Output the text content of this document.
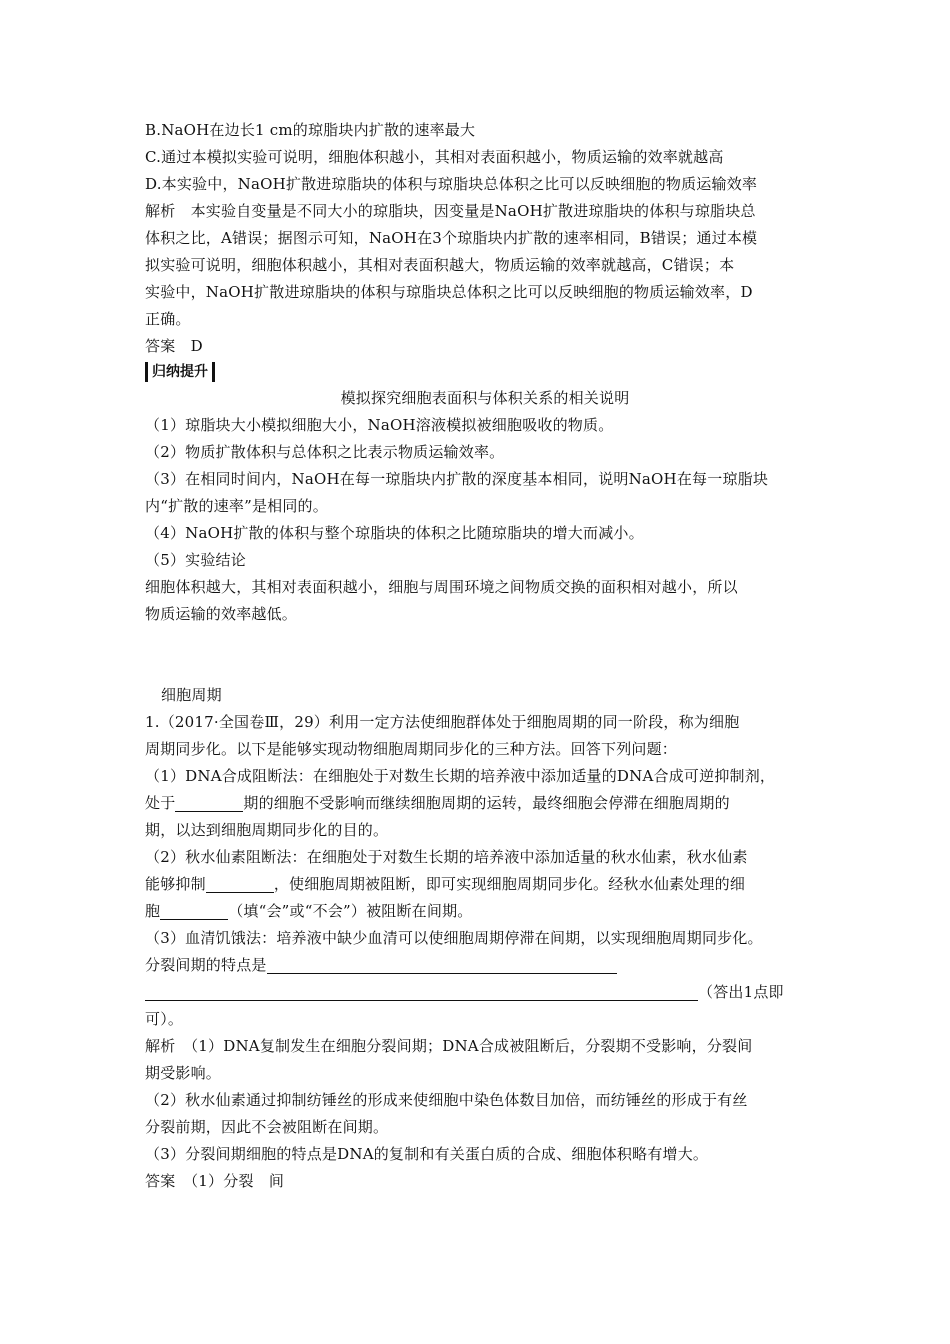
B.NaOH在边长1 cm的琼脂块内扩散的速率最大
C.通过本模拟实验可说明，细胞体积越小，其相对表面积越小，物质运输的效率就越高
D.本实验中，NaOH扩散进琼脂块的体积与琼脂块总体积之比可以反映细胞的物质运输效率
解析　本实验自变量是不同大小的琼脂块，因变量是NaOH扩散进琼脂块的体积与琼脂块总
体积之比，A错误；据图示可知，NaOH在3个琼脂块内扩散的速率相同，B错误；通过本模
拟实验可说明，细胞体积越小，其相对表面积越大，物质运输的效率就越高，C错误；本
实验中，NaOH扩散进琼脂块的体积与琼脂块总体积之比可以反映细胞的物质运输效率，D
正确。
答案　D
归纳提升
模拟探究细胞表面积与体积关系的相关说明
（1）琼脂块大小模拟细胞大小，NaOH溶液模拟被细胞吸收的物质。
（2）物质扩散体积与总体积之比表示物质运输效率。
（3）在相同时间内，NaOH在每一琼脂块内扩散的深度基本相同，说明NaOH在每一琼脂块
内“扩散的速率”是相同的。
（4）NaOH扩散的体积与整个琼脂块的体积之比随琼脂块的增大而减小。
（5）实验结论
细胞体积越大，其相对表面积越小，细胞与周围环境之间物质交换的面积相对越小，所以
物质运输的效率越低。
细胞周期
1.（2017·全国卷Ⅲ，29）利用一定方法使细胞群体处于细胞周期的同一阶段，称为细胞
周期同步化。以下是能够实现动物细胞周期同步化的三种方法。回答下列问题：
（1）DNA合成阻断法：在细胞处于对数生长期的培养液中添加适量的DNA合成可逆抑制剂，
处于	期的细胞不受影响而继续细胞周期的运转，最终细胞会停滞在细胞周期的
期，以达到细胞周期同步化的目的。
（2）秋水仙素阻断法：在细胞处于对数生长期的培养液中添加适量的秋水仙素，秋水仙素
能够抑制	，使细胞周期被阻断，即可实现细胞周期同步化。经秋水仙素处理的细
胞	（填“会”或“不会”）被阻断在间期。
（3）血清饥饿法：培养液中缺少血清可以使细胞周期停滞在间期，以实现细胞周期同步化。
分裂间期的特点是
（答出1点即
可）。
解析　（1）DNA复制发生在细胞分裂间期；DNA合成被阻断后，分裂期不受影响，分裂间
期受影响。
（2）秋水仙素通过抑制纺锤丝的形成来使细胞中染色体数目加倍，而纺锤丝的形成于有丝
分裂前期，因此不会被阻断在间期。
（3）分裂间期细胞的特点是DNA的复制和有关蛋白质的合成、细胞体积略有增大。
答案　（1）分裂　间
